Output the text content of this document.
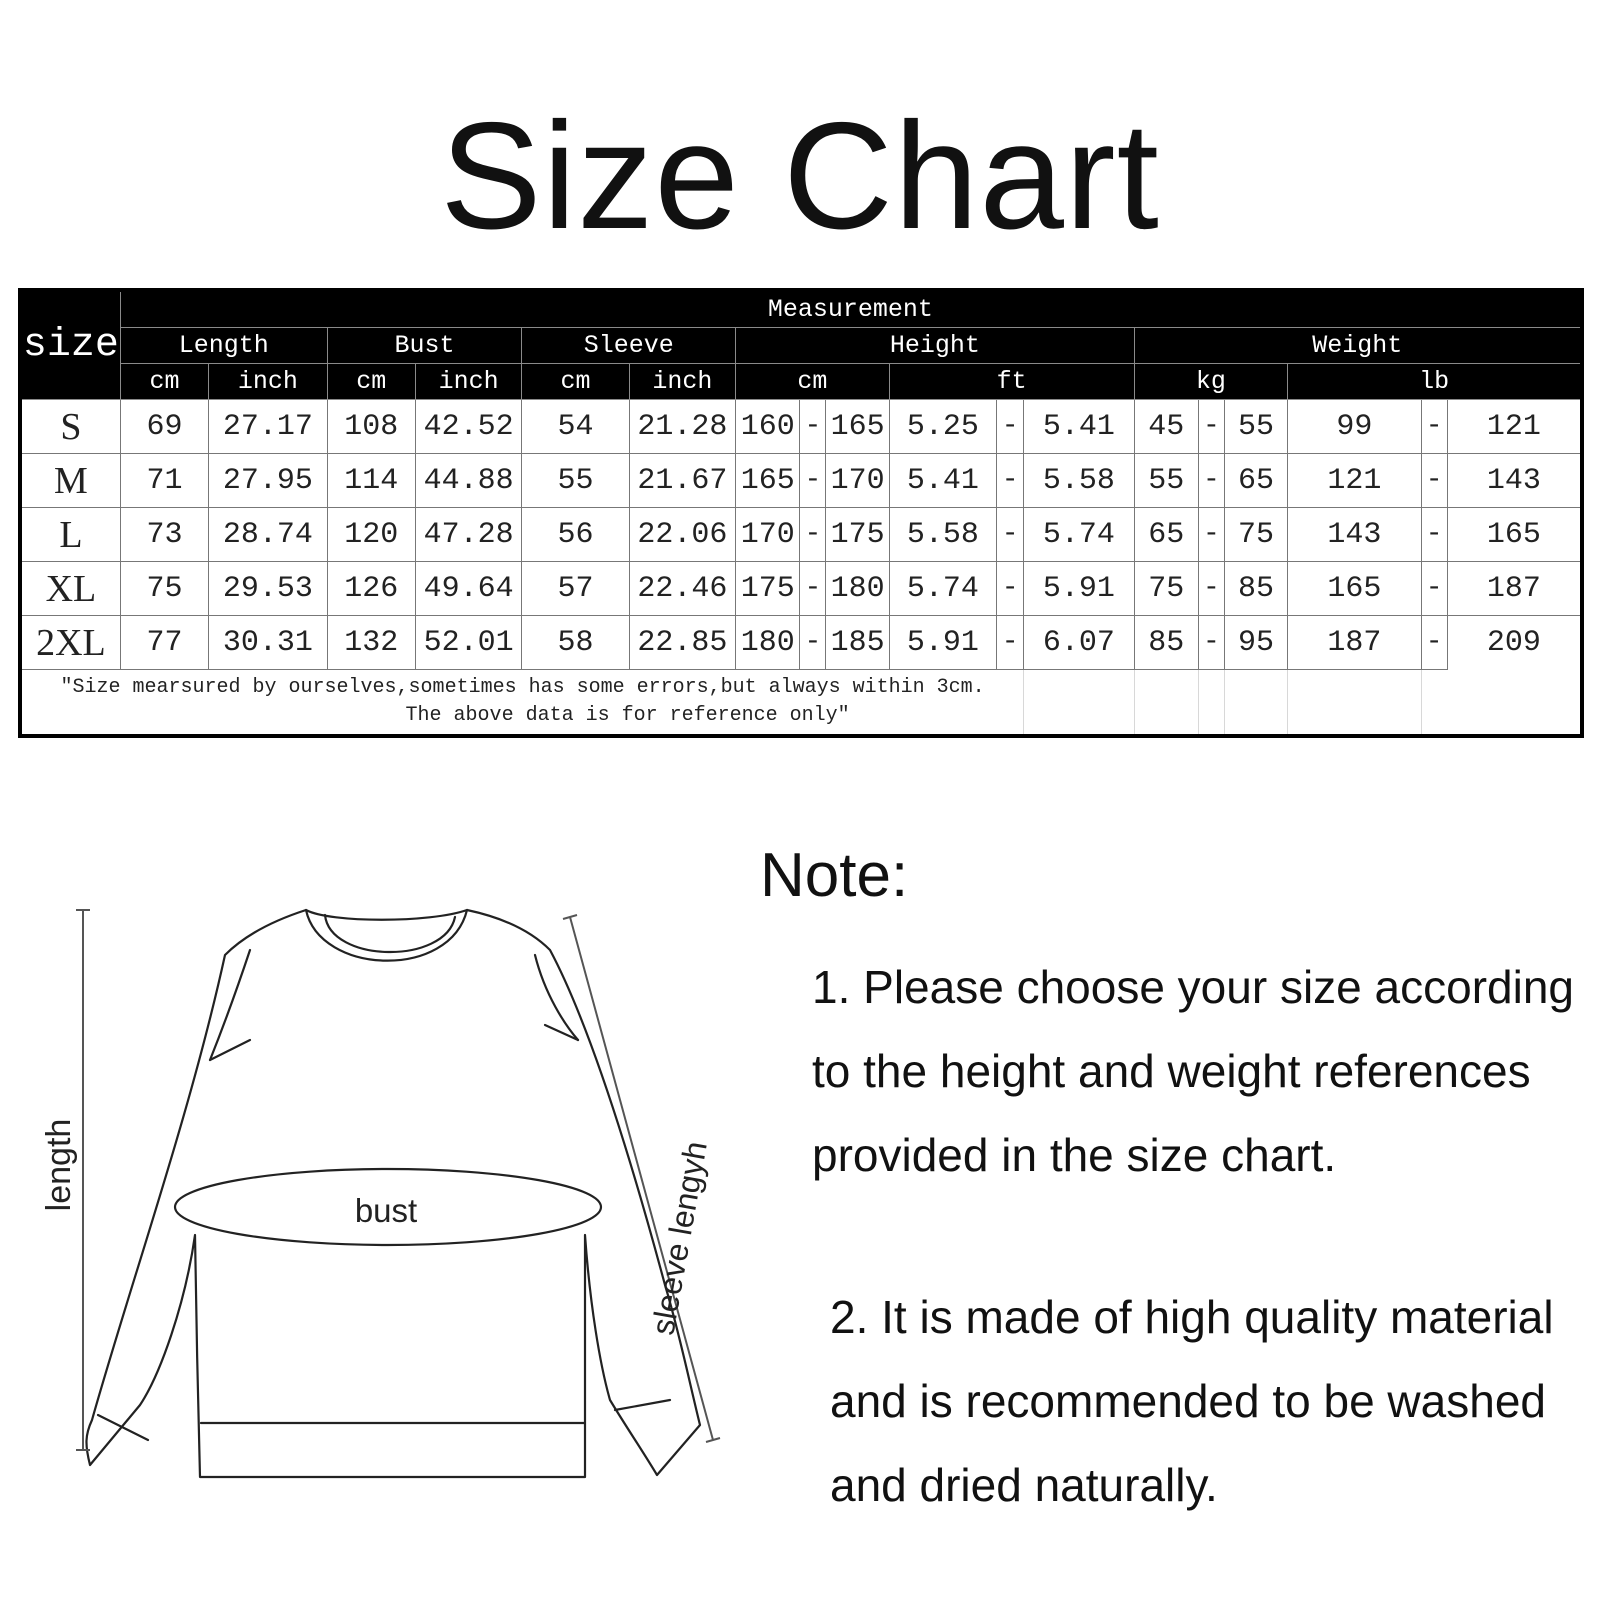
Size Chart
size	Measurement																	
	Length		Bust		Sleeve		Height						Weight					
	cm	inch	cm	inch	cm	inch	cm			ft			kg			lb		
S	69	27.17	108	42.52	54	21.28	160	-	165	5.25	-	5.41	45	-	55	99	-	121
M	71	27.95	114	44.88	55	21.67	165	-	170	5.41	-	5.58	55	-	65	121	-	143
L	73	28.74	120	47.28	56	22.06	170	-	175	5.58	-	5.74	65	-	75	143	-	165
XL	75	29.53	126	49.64	57	22.46	175	-	180	5.74	-	5.91	75	-	85	165	-	187
2XL	77	30.31	132	52.01	58	22.85	180	-	185	5.91	-	6.07	85	-	95	187	-	209

"Size mearsured by ourselves,sometimes has some errors,but always within 3cm.
The above data is for reference only"																		

length	bust	sleeve lengyh
Note:
1. Please choose your size according
to the height and weight references
provided in the size chart.
2. It is made of high quality material
and is recommended to be washed
and dried naturally.
